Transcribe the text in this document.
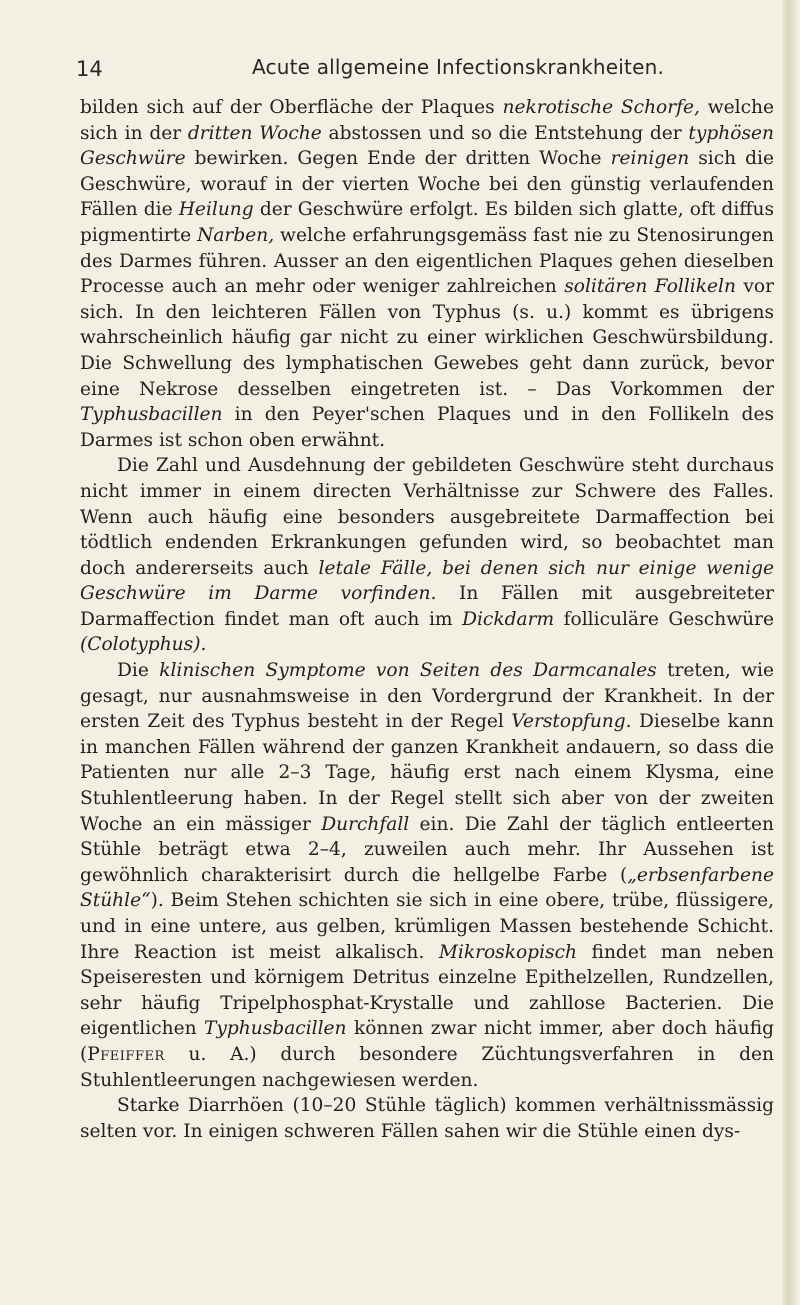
14	Acute allgemeine Infectionskrankheiten.

bilden sich auf der Oberfläche der Plaques nekrotische Schorfe, welche sich in der dritten Woche abstossen und so die Entstehung der typhösen Geschwüre bewirken. Gegen Ende der dritten Woche reinigen sich die Geschwüre, worauf in der vierten Woche bei den günstig verlaufenden Fällen die Heilung der Geschwüre erfolgt. Es bilden sich glatte, oft diffus pigmentirte Narben, welche erfahrungsgemäss fast nie zu Stenosirungen des Darmes führen. Ausser an den eigentlichen Plaques gehen dieselben Processe auch an mehr oder weniger zahlreichen solitären Follikeln vor sich. In den leichteren Fällen von Typhus (s. u.) kommt es übrigens wahrscheinlich häufig gar nicht zu einer wirklichen Geschwürsbildung. Die Schwellung des lymphatischen Gewebes geht dann zurück, bevor eine Nekrose desselben eingetreten ist. – Das Vorkommen der Typhusbacillen in den Peyer'schen Plaques und in den Follikeln des Darmes ist schon oben erwähnt.

Die Zahl und Ausdehnung der gebildeten Geschwüre steht durchaus nicht immer in einem directen Verhältnisse zur Schwere des Falles. Wenn auch häufig eine besonders ausgebreitete Darmaffection bei tödtlich endenden Erkrankungen gefunden wird, so beobachtet man doch andererseits auch letale Fälle, bei denen sich nur einige wenige Geschwüre im Darme vorfinden. In Fällen mit ausgebreiteter Darmaffection findet man oft auch im Dickdarm folliculäre Geschwüre (Colotyphus).

Die klinischen Symptome von Seiten des Darmcanales treten, wie gesagt, nur ausnahmsweise in den Vordergrund der Krankheit. In der ersten Zeit des Typhus besteht in der Regel Verstopfung. Dieselbe kann in manchen Fällen während der ganzen Krankheit andauern, so dass die Patienten nur alle 2–3 Tage, häufig erst nach einem Klysma, eine Stuhlentleerung haben. In der Regel stellt sich aber von der zweiten Woche an ein mässiger Durchfall ein. Die Zahl der täglich entleerten Stühle beträgt etwa 2–4, zuweilen auch mehr. Ihr Aussehen ist gewöhnlich charakterisirt durch die hellgelbe Farbe („erbsenfarbene Stühle“). Beim Stehen schichten sie sich in eine obere, trübe, flüssigere, und in eine untere, aus gelben, krümligen Massen bestehende Schicht. Ihre Reaction ist meist alkalisch. Mikroskopisch findet man neben Speiseresten und körnigem Detritus einzelne Epithelzellen, Rundzellen, sehr häufig Tripelphosphat-Krystalle und zahllose Bacterien. Die eigentlichen Typhusbacillen können zwar nicht immer, aber doch häufig (Pfeiffer u. A.) durch besondere Züchtungsverfahren in den Stuhlentleerungen nachgewiesen werden.

Starke Diarrhöen (10–20 Stühle täglich) kommen verhältnissmässig selten vor. In einigen schweren Fällen sahen wir die Stühle einen dys-
